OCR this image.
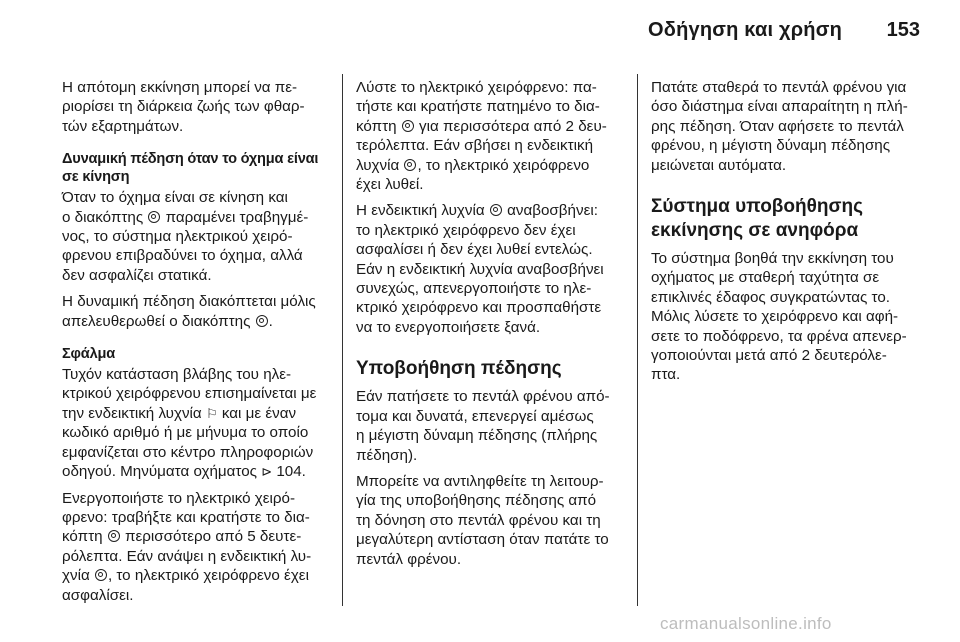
Οδήγηση και χρήση 153

Η απότομη εκκίνηση μπορεί να πε-
ριορίσει τη διάρκεια ζωής των φθαρ-
τών εξαρτημάτων.

Δυναμική πέδηση όταν το όχημα είναι
σε κίνηση

Όταν το όχημα είναι σε κίνηση και
ο διακόπτης  παραμένει τραβηγμέ-
νος, το σύστημα ηλεκτρικού χειρό-
φρενου επιβραδύνει το όχημα, αλλά
δεν ασφαλίζει στατικά.

Η δυναμική πέδηση διακόπτεται μόλις
απελευθερωθεί ο διακόπτης .

Σφάλμα

Τυχόν κατάσταση βλάβης του ηλε-
κτρικού χειρόφρενου επισημαίνεται με
την ενδεικτική λυχνία ⚐ και με έναν
κωδικό αριθμό ή με μήνυμα το οποίο
εμφανίζεται στο κέντρο πληροφοριών
οδηγού. Μηνύματα οχήματος ⊳ 104.

Ενεργοποιήστε το ηλεκτρικό χειρό-
φρενο: τραβήξτε και κρατήστε το δια-
κόπτη  περισσότερο από 5 δευτε-
ρόλεπτα. Εάν ανάψει η ενδεικτική λυ-
χνία , το ηλεκτρικό χειρόφρενο έχει
ασφαλίσει.

Λύστε το ηλεκτρικό χειρόφρενο: πα-
τήστε και κρατήστε πατημένο το δια-
κόπτη  για περισσότερα από 2 δευ-
τερόλεπτα. Εάν σβήσει η ενδεικτική
λυχνία , το ηλεκτρικό χειρόφρενο
έχει λυθεί.

Η ενδεικτική λυχνία  αναβοσβήνει:
το ηλεκτρικό χειρόφρενο δεν έχει
ασφαλίσει ή δεν έχει λυθεί εντελώς.
Εάν η ενδεικτική λυχνία αναβοσβήνει
συνεχώς, απενεργοποιήστε το ηλε-
κτρικό χειρόφρενο και προσπαθήστε
να το ενεργοποιήσετε ξανά.

Υποβοήθηση πέδησης

Εάν πατήσετε το πεντάλ φρένου από-
τομα και δυνατά, επενεργεί αμέσως
η μέγιστη δύναμη πέδησης (πλήρης
πέδηση).

Μπορείτε να αντιληφθείτε τη λειτουρ-
γία της υποβοήθησης πέδησης από
τη δόνηση στο πεντάλ φρένου και τη
μεγαλύτερη αντίσταση όταν πατάτε το
πεντάλ φρένου.

Πατάτε σταθερά το πεντάλ φρένου για
όσο διάστημα είναι απαραίτητη η πλή-
ρης πέδηση. Όταν αφήσετε το πεντάλ
φρένου, η μέγιστη δύναμη πέδησης
μειώνεται αυτόματα.

Σύστημα υποβοήθησης
εκκίνησης σε ανηφόρα

Το σύστημα βοηθά την εκκίνηση του
οχήματος με σταθερή ταχύτητα σε
επικλινές έδαφος συγκρατώντας το.
Μόλις λύσετε το χειρόφρενο και αφή-
σετε το ποδόφρενο, τα φρένα απενερ-
γοποιούνται μετά από 2 δευτερόλε-
πτα.

carmanualsonline.info
